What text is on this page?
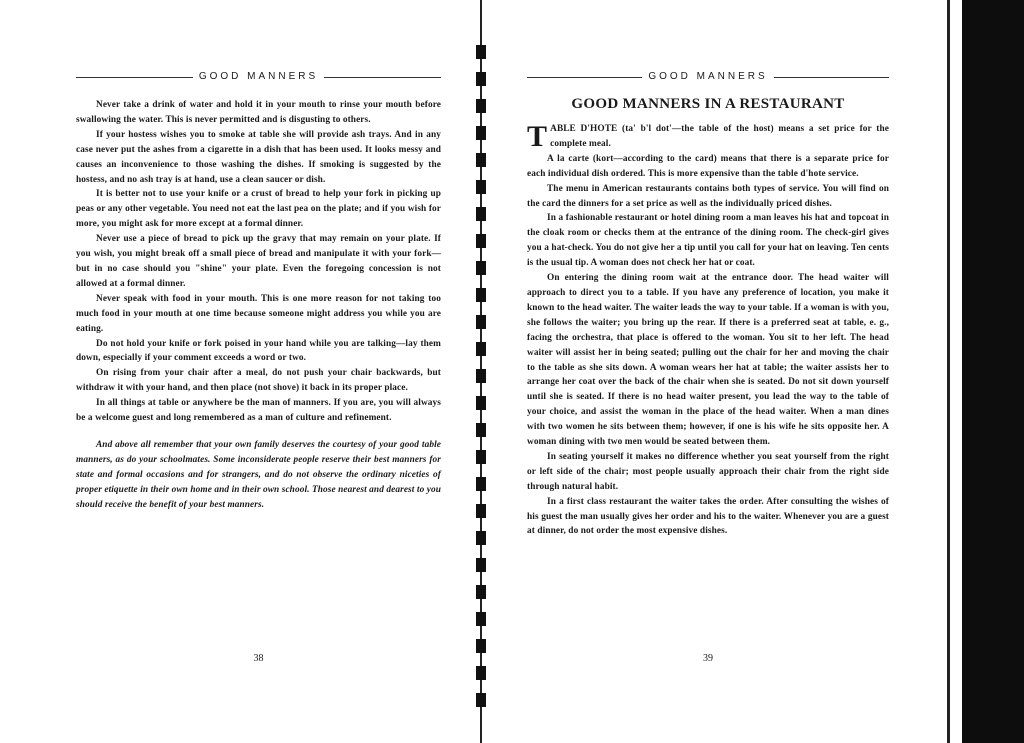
GOOD MANNERS

Never take a drink of water and hold it in your mouth to rinse your mouth before swallowing the water. This is never permitted and is disgusting to others.

If your hostess wishes you to smoke at table she will provide ash trays. And in any case never put the ashes from a cigarette in a dish that has been used. It looks messy and causes an inconvenience to those washing the dishes. If smoking is suggested by the hostess, and no ash tray is at hand, use a clean saucer or dish.

It is better not to use your knife or a crust of bread to help your fork in picking up peas or any other vegetable. You need not eat the last pea on the plate; and if you wish for more, you might ask for more except at a formal dinner.

Never use a piece of bread to pick up the gravy that may remain on your plate. If you wish, you might break off a small piece of bread and manipulate it with your fork—but in no case should you "shine" your plate. Even the foregoing concession is not allowed at a formal dinner.

Never speak with food in your mouth. This is one more reason for not taking too much food in your mouth at one time because someone might address you while you are eating.

Do not hold your knife or fork poised in your hand while you are talking—lay them down, especially if your comment exceeds a word or two.

On rising from your chair after a meal, do not push your chair backwards, but withdraw it with your hand, and then place (not shove) it back in its proper place.

In all things at table or anywhere be the man of manners. If you are, you will always be a welcome guest and long remembered as a man of culture and refinement.

And above all remember that your own family deserves the courtesy of your good table manners, as do your schoolmates. Some inconsiderate people reserve their best manners for state and formal occasions and for strangers, and do not observe the ordinary niceties of proper etiquette in their own home and in their own school. Those nearest and dearest to you should receive the benefit of your best manners.

38
GOOD MANNERS
GOOD MANNERS IN A RESTAURANT

TABLE D'HOTE (ta' b'l dot'—the table of the host) means a set price for the complete meal.

A la carte (kort—according to the card) means that there is a separate price for each individual dish ordered. This is more expensive than the table d'hote service.

The menu in American restaurants contains both types of service. You will find on the card the dinners for a set price as well as the individually priced dishes.

In a fashionable restaurant or hotel dining room a man leaves his hat and topcoat in the cloak room or checks them at the entrance of the dining room. The check-girl gives you a hat-check. You do not give her a tip until you call for your hat on leaving. Ten cents is the usual tip. A woman does not check her hat or coat.

On entering the dining room wait at the entrance door. The head waiter will approach to direct you to a table. If you have any preference of location, you make it known to the head waiter. The waiter leads the way to your table. If a woman is with you, she follows the waiter; you bring up the rear. If there is a preferred seat at table, e. g., facing the orchestra, that place is offered to the woman. You sit to her left. The head waiter will assist her in being seated; pulling out the chair for her and moving the chair to the table as she sits down. A woman wears her hat at table; the waiter assists her to arrange her coat over the back of the chair when she is seated. Do not sit down yourself until she is seated. If there is no head waiter present, you lead the way to the table of your choice, and assist the woman in the place of the head waiter. When a man dines with two women he sits between them; however, if one is his wife he sits opposite her. A woman dining with two men would be seated between them.

In seating yourself it makes no difference whether you seat yourself from the right or left side of the chair; most people usually approach their chair from the right side through natural habit.

In a first class restaurant the waiter takes the order. After consulting the wishes of his guest the man usually gives her order and his to the waiter. Whenever you are a guest at dinner, do not order the most expensive dishes.

39
